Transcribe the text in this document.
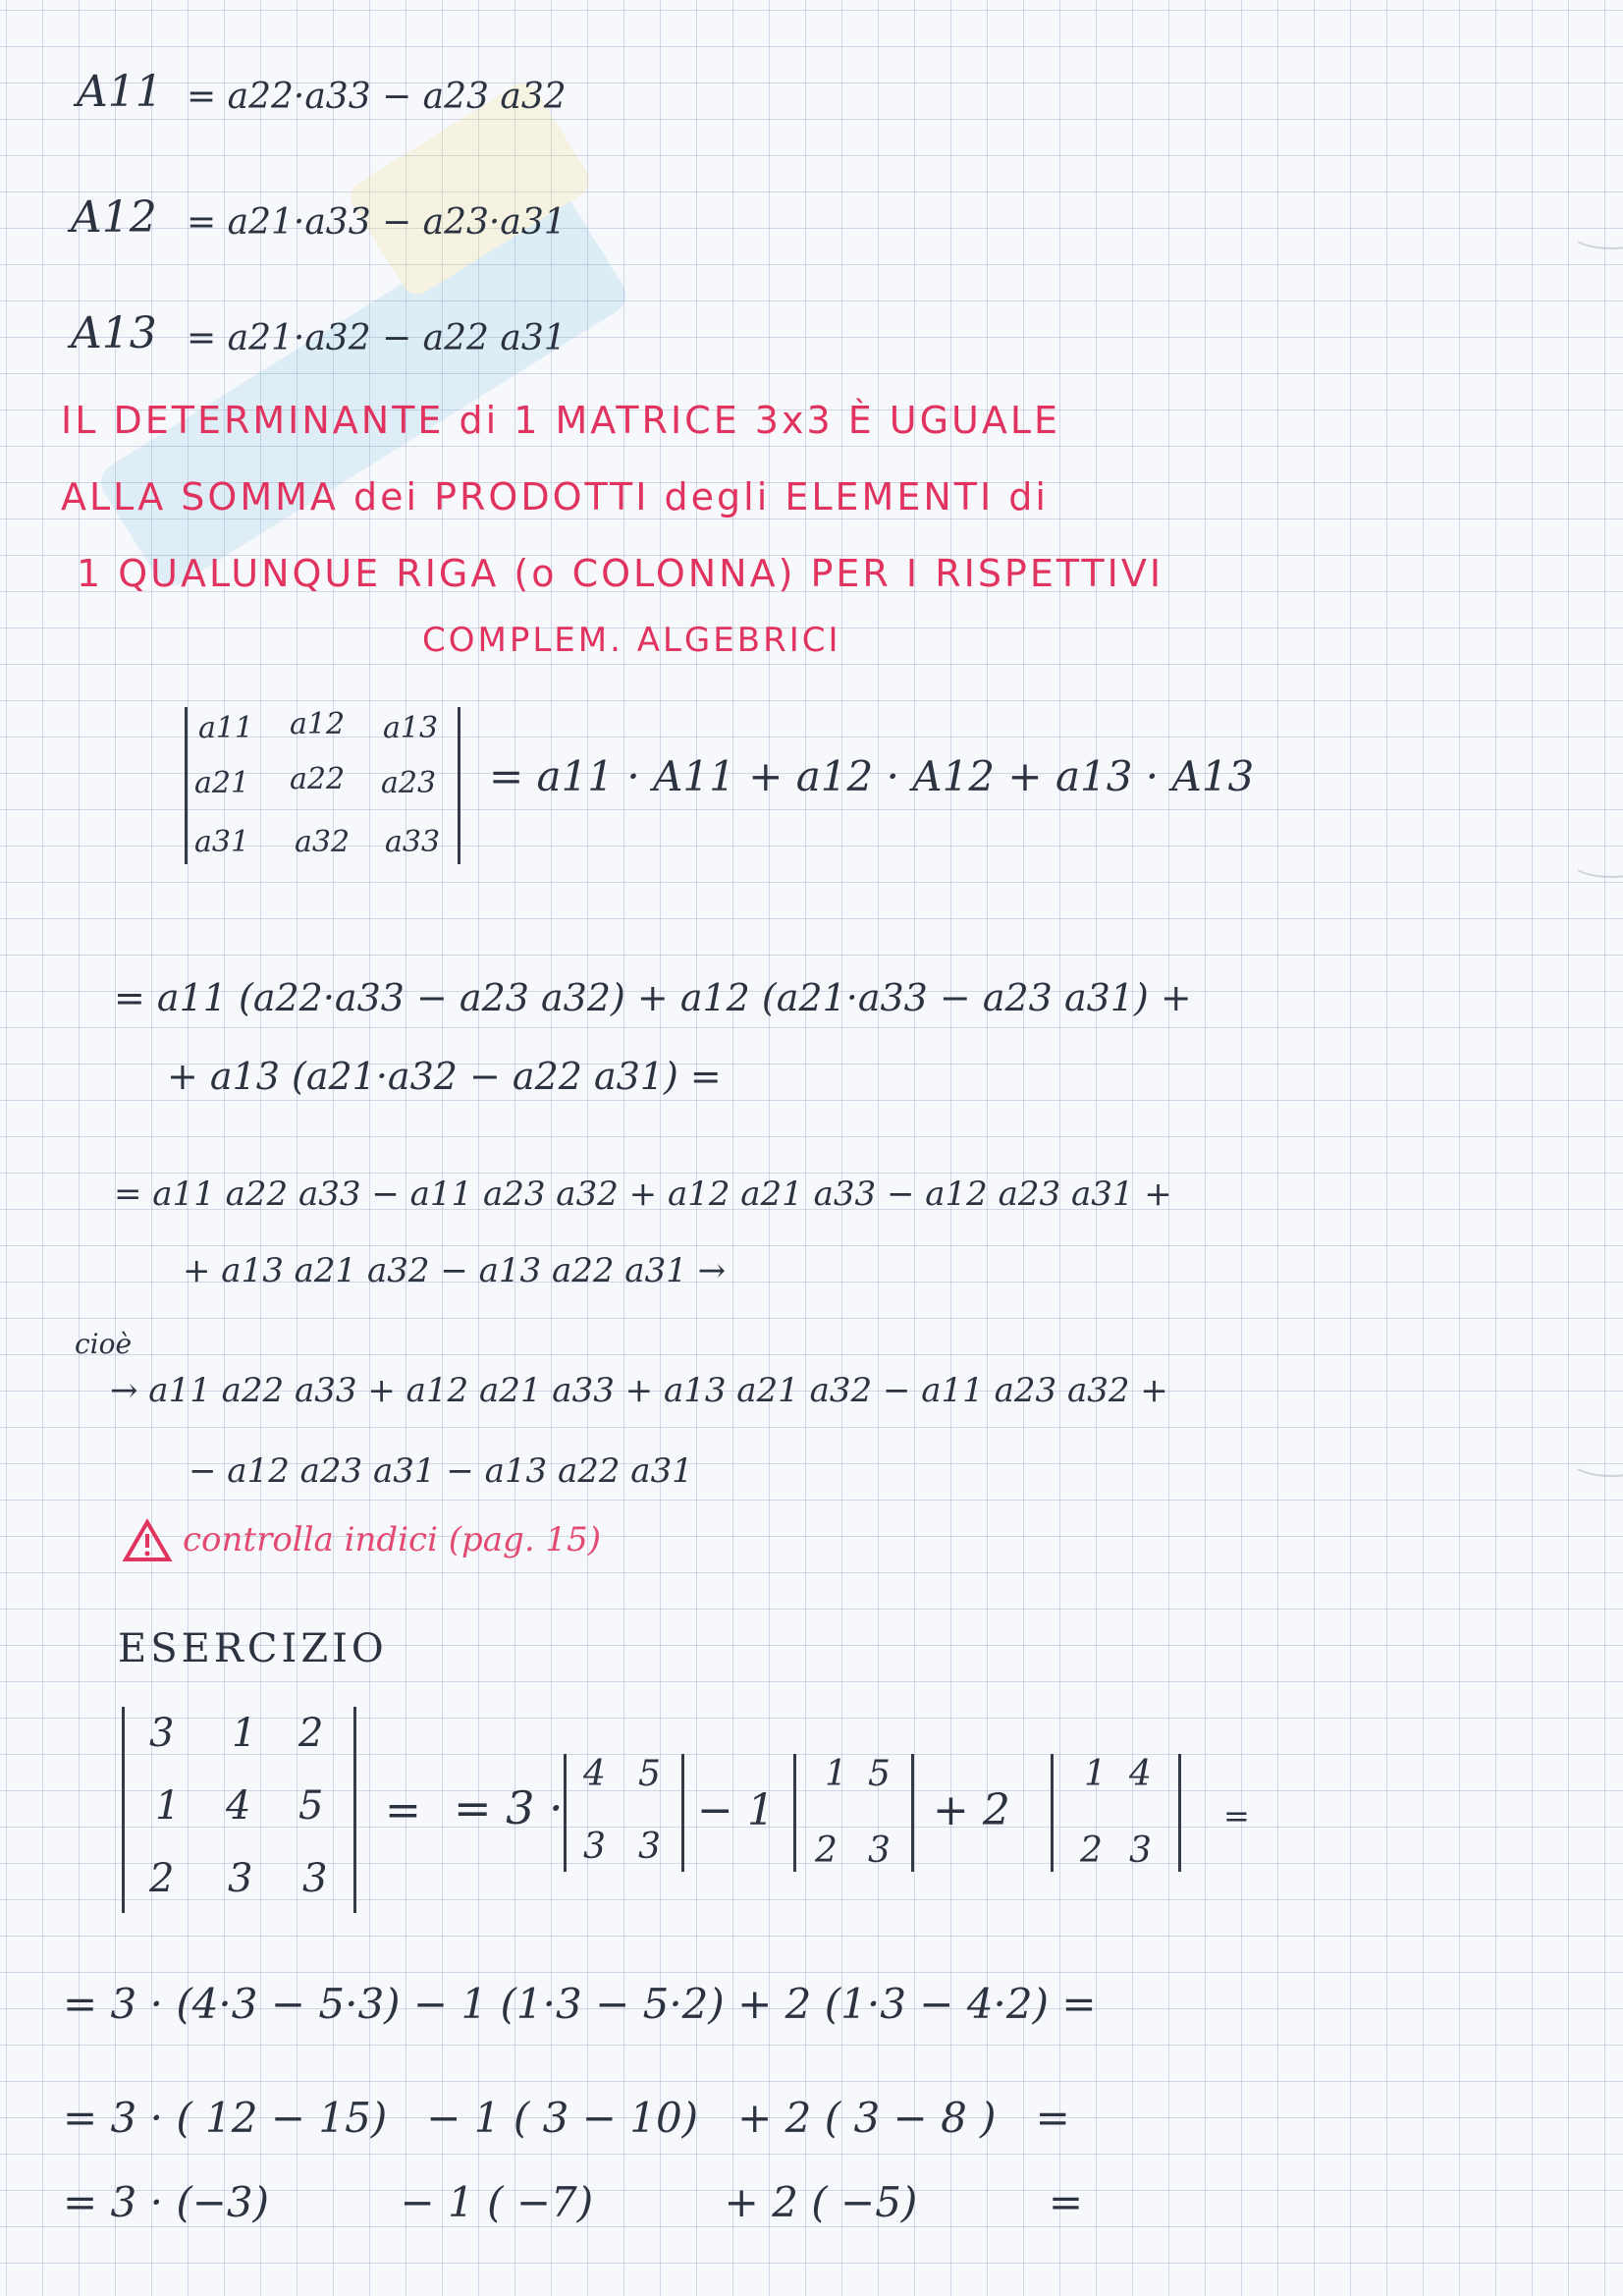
A11 = a22·a33 − a23 a32
A12 = a21·a33 − a23·a31
A13 = a21·a32 − a22 a31
IL DETERMINANTE di 1 MATRICE 3x3 È UGUALE
ALLA SOMMA dei PRODOTTI degli ELEMENTI di
1 QUALUNQUE RIGA (o COLONNA) PER I RISPETTIVI
COMPLEM. ALGEBRICI
a11 a12 a13
a21 a22 a23
a31 a32 a33
= a11 · A11 + a12 · A12 + a13 · A13
= a11 (a22·a33 − a23 a32) + a12 (a21·a33 − a23 a31) +
+ a13 (a21·a32 − a22 a31) =
= a11 a22 a33 − a11 a23 a32 + a12 a21 a33 − a12 a23 a31 +
+ a13 a21 a32 − a13 a22 a31 →
cioè
→ a11 a22 a33 + a12 a21 a33 + a13 a21 a32 − a11 a23 a32 +
− a12 a23 a31 − a13 a22 a31
controlla indici (pag. 15)
ESERCIZIO
3 1 2
1 4 5
2 3 3
= = 3 ·
4 5
3 3
− 1
1 5
2 3
+ 2
1 4
2 3
=
= 3 · (4·3 − 5·3) − 1 (1·3 − 5·2) + 2 (1·3 − 4·2) =
= 3 · ( 12 − 15)   − 1 ( 3 − 10)   + 2 ( 3 − 8 )   =
= 3 · (−3)          − 1 ( −7)          + 2 ( −5)          =
